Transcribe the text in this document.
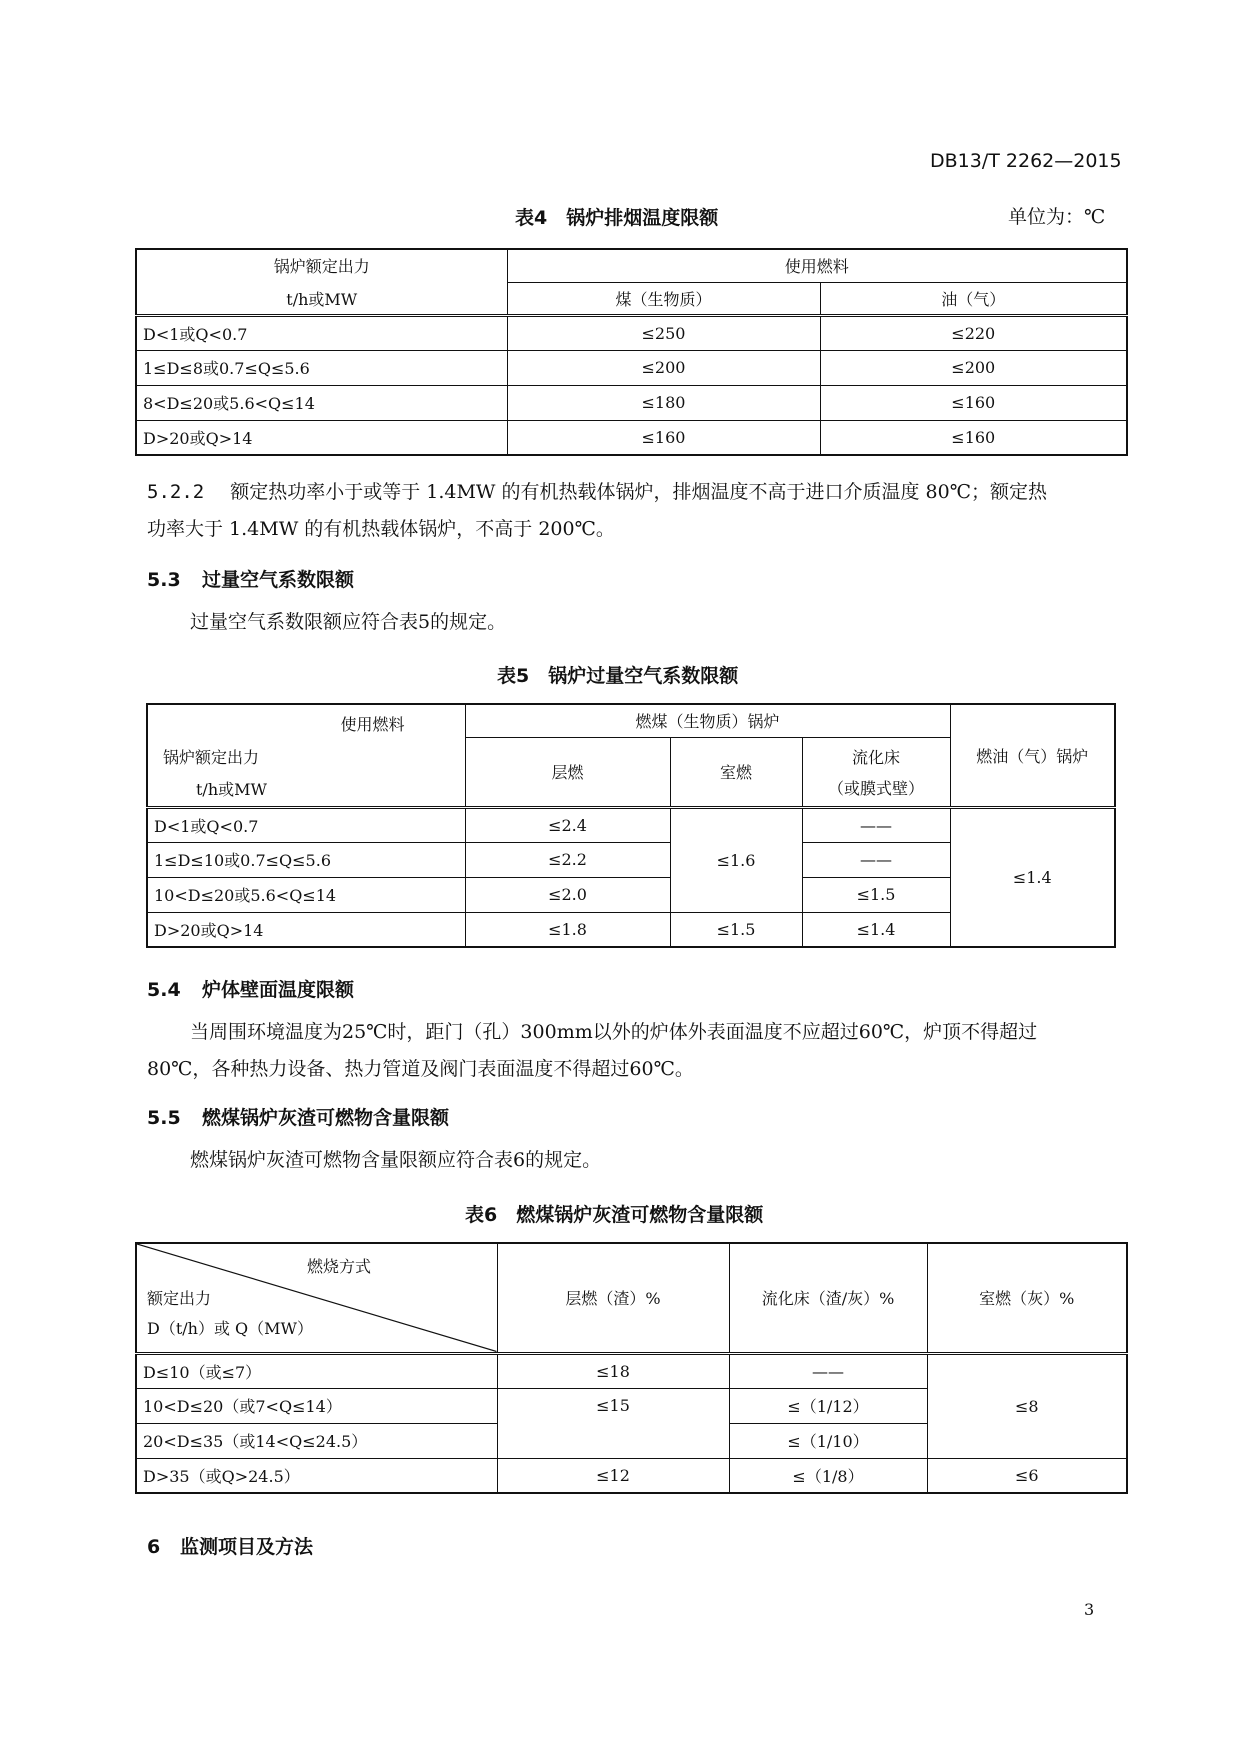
DB13/T 2262—2015
表4　锅炉排烟温度限额	单位为：℃
锅炉额定出力
t/h或MW	使用燃料	
	煤（生物质）	油（气）
D<1或Q<0.7	≤250	≤220
1≤D≤8或0.7≤Q≤5.6	≤200	≤200
8<D≤20或5.6<Q≤14	≤180	≤160
D>20或Q>14	≤160	≤160
5.2.2 额定热功率小于或等于 1.4MW 的有机热载体锅炉，排烟温度不高于进口介质温度 80℃；额定热
功率大于 1.4MW 的有机热载体锅炉，不高于 200℃。
5.3 过量空气系数限额
过量空气系数限额应符合表5的规定。
表5　锅炉过量空气系数限额
使用燃料
锅炉额定出力
t/h或MW	燃煤（生物质）锅炉			燃油（气）锅炉
	层燃	室燃	流化床
（或膜式壁）	

D<1或Q<0.7	≤2.4	≤1.6	——	≤1.4
1≤D≤10或0.7≤Q≤5.6	≤2.2		——	
10<D≤20或5.6<Q≤14	≤2.0		≤1.5	
D>20或Q>14	≤1.8	≤1.5	≤1.4	
5.4 炉体壁面温度限额
当周围环境温度为25℃时，距门（孔）300mm以外的炉体外表面温度不应超过60℃，炉顶不得超过
80℃，各种热力设备、热力管道及阀门表面温度不得超过60℃。
5.5 燃煤锅炉灰渣可燃物含量限额
燃煤锅炉灰渣可燃物含量限额应符合表6的规定。
表6　燃煤锅炉灰渣可燃物含量限额
燃烧方式
额定出力
D（t/h）或 Q（MW）	层燃（渣）%	流化床（渣/灰）%	室燃（灰）%
D≤10（或≤7）	≤18	——	≤8
10<D≤20（或7<Q≤14）	≤15	≤（1/12）	
20<D≤35（或14<Q≤24.5）		≤（1/10）	
D>35（或Q>24.5）	≤12	≤（1/8）	≤6
6 监测项目及方法
3
